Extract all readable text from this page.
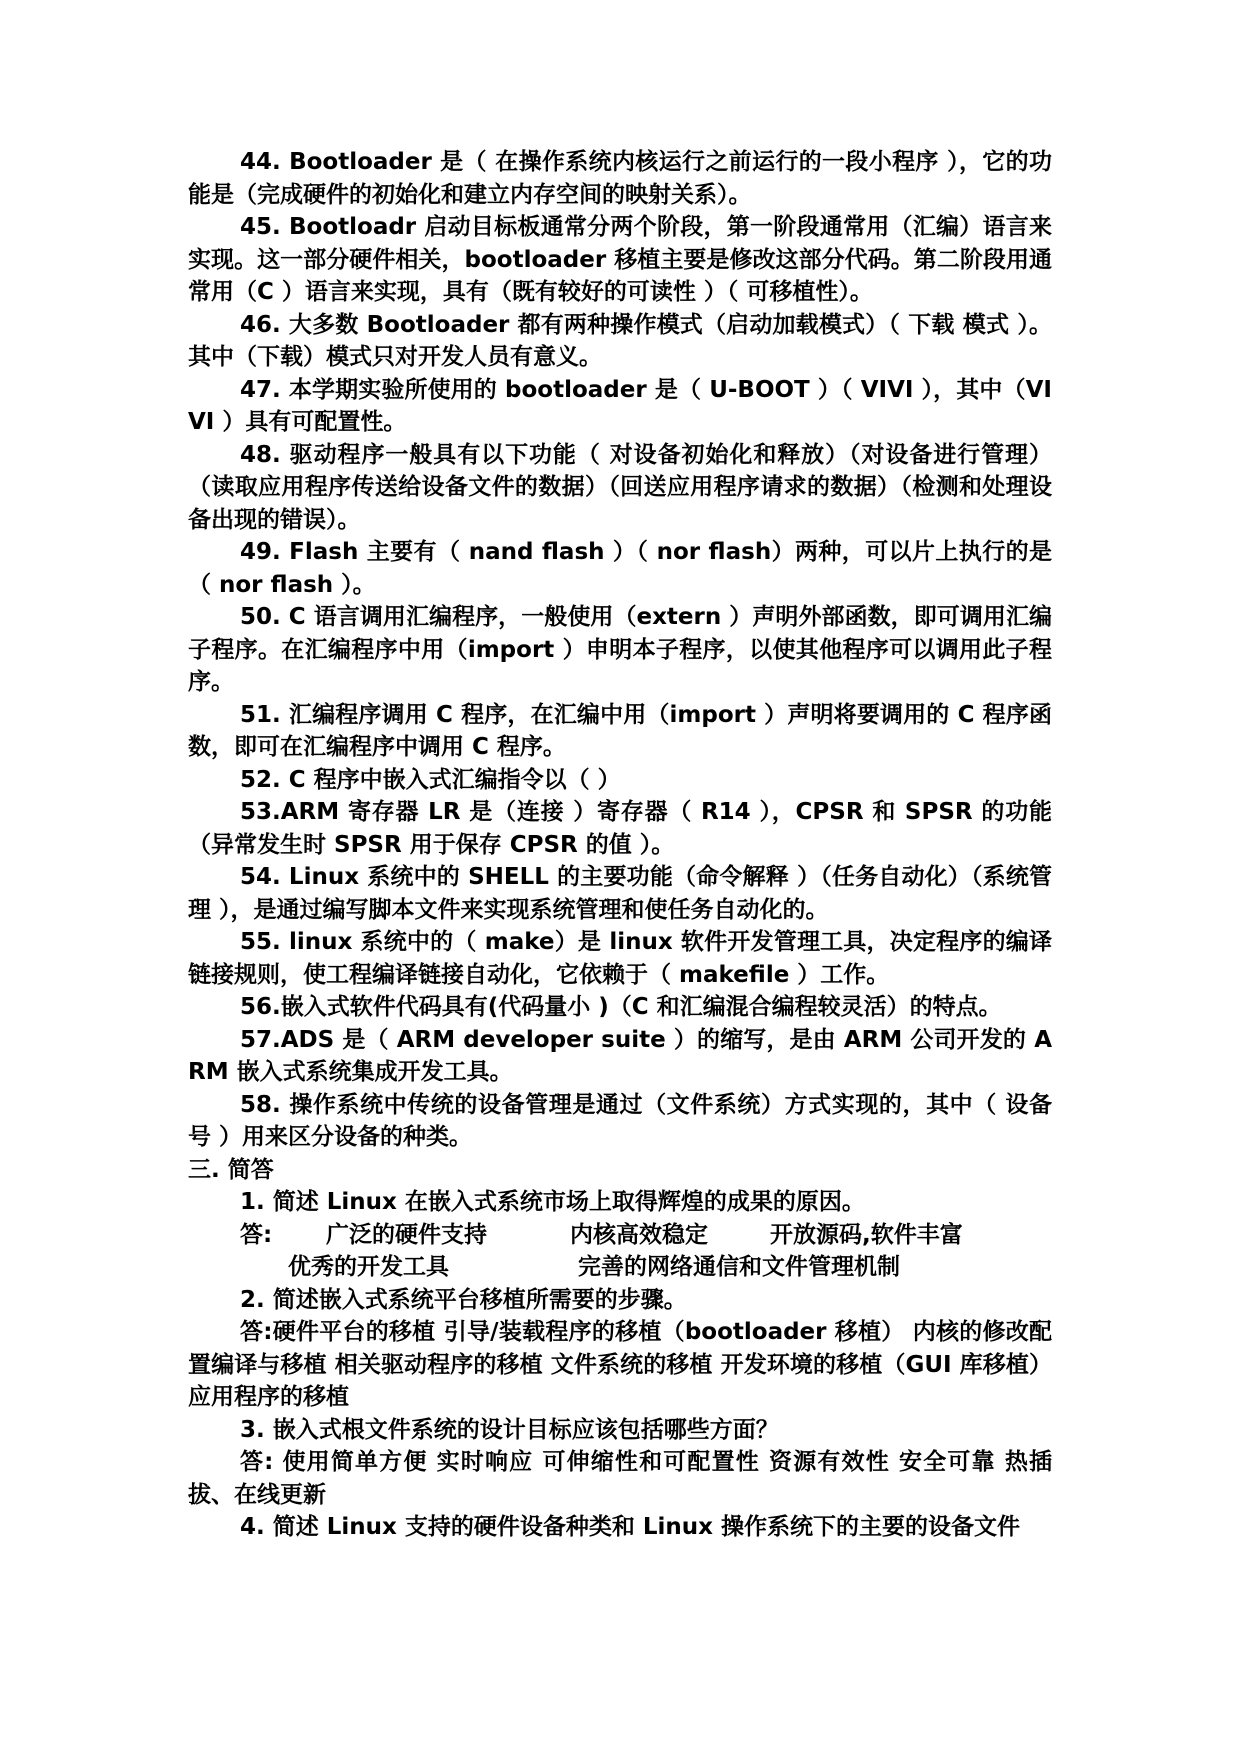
44. Bootloader 是（ 在操作系统内核运行之前运行的一段小程序 ），它的功能是（完成硬件的初始化和建立内存空间的映射关系）。

45. Bootloadr 启动目标板通常分两个阶段，第一阶段通常用（汇编）语言来实现。这一部分硬件相关，bootloader 移植主要是修改这部分代码。第二阶段用通常用（C ）语言来实现，具有（既有较好的可读性 ）（ 可移植性）。

46. 大多数 Bootloader 都有两种操作模式（启动加载模式）（ 下载 模式 ）。其中（下载）模式只对开发人员有意义。

47. 本学期实验所使用的 bootloader 是（ U-BOOT ）（ VIVI ），其中（VIVI ）具有可配置性。

48. 驱动程序一般具有以下功能（ 对设备初始化和释放）（对设备进行管理）（读取应用程序传送给设备文件的数据）（回送应用程序请求的数据）（检测和处理设备出现的错误）。

49. Flash 主要有（ nand flash ）（ nor flash）两种，可以片上执行的是（ nor flash ）。

50. C 语言调用汇编程序，一般使用（extern ）声明外部函数，即可调用汇编子程序。在汇编程序中用（import ）申明本子程序，以使其他程序可以调用此子程序。

51. 汇编程序调用 C 程序，在汇编中用（import ）声明将要调用的 C 程序函数，即可在汇编程序中调用 C 程序。

52. C 程序中嵌入式汇编指令以（ ）

53.ARM 寄存器 LR 是（连接 ）寄存器（ R14 ），CPSR 和 SPSR 的功能（异常发生时 SPSR 用于保存 CPSR 的值 ）。

54. Linux 系统中的 SHELL 的主要功能（命令解释 ）（任务自动化）（系统管理 ），是通过编写脚本文件来实现系统管理和使任务自动化的。

55. linux 系统中的（ make）是 linux 软件开发管理工具，决定程序的编译链接规则，使工程编译链接自动化，它依赖于（ makefile ）工作。

56.嵌入式软件代码具有(代码量小 )（C 和汇编混合编程较灵活）的特点。

57.ADS 是（ ARM developer suite ）的缩写，是由 ARM 公司开发的 ARM 嵌入式系统集成开发工具。

58. 操作系统中传统的设备管理是通过（文件系统）方式实现的，其中（ 设备号 ）用来区分设备的种类。

三. 简答

1. 简述 Linux 在嵌入式系统市场上取得辉煌的成果的原因。

答:	广泛的硬件支持	内核高效稳定	开放源码,软件丰富
优秀的开发工具	完善的网络通信和文件管理机制

2. 简述嵌入式系统平台移植所需要的步骤。

答:硬件平台的移植 引导/装载程序的移植（bootloader 移植） 内核的修改配置编译与移植 相关驱动程序的移植 文件系统的移植 开发环境的移植（GUI 库移植） 应用程序的移植

3. 嵌入式根文件系统的设计目标应该包括哪些方面？

答: 使用简单方便 实时响应 可伸缩性和可配置性 资源有效性 安全可靠 热插拔、在线更新

4. 简述 Linux 支持的硬件设备种类和 Linux 操作系统下的主要的设备文件
